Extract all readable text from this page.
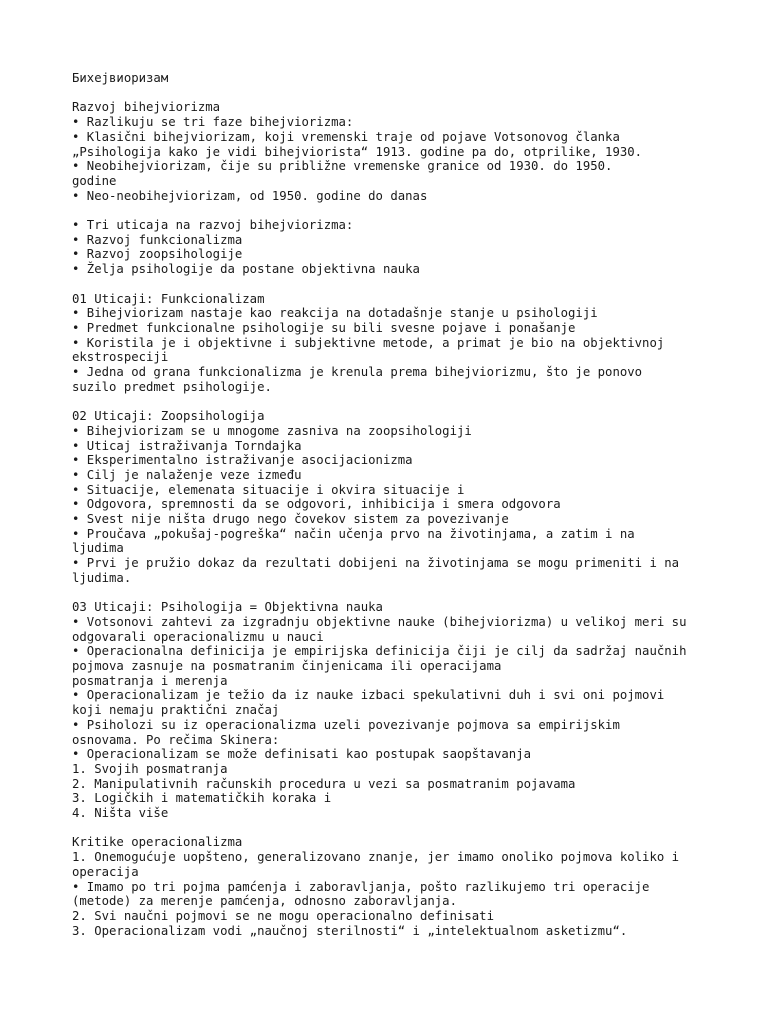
Бихејвиоризам
Razvoj bihejviorizma
• Razlikuju se tri faze bihejviorizma:
• Klasični bihejviorizam, koji vremenski traje od pojave Votsonovog članka
„Psihologija kako je vidi bihejviorista“ 1913. godine pa do, otprilike, 1930.
• Neobihejviorizam, čije su približne vremenske granice od 1930. do 1950.
godine
• Neo-neobihejviorizam, od 1950. godine do danas
• Tri uticaja na razvoj bihejviorizma:
• Razvoj funkcionalizma
• Razvoj zoopsihologije
• Želja psihologije da postane objektivna nauka
01 Uticaji: Funkcionalizam
• Bihejviorizam nastaje kao reakcija na dotadašnje stanje u psihologiji
• Predmet funkcionalne psihologije su bili svesne pojave i ponašanje
• Koristila je i objektivne i subjektivne metode, a primat je bio na objektivnoj
ekstrospeciji
• Jedna od grana funkcionalizma je krenula prema bihejviorizmu, što je ponovo
suzilo predmet psihologije.
02 Uticaji: Zoopsihologija
• Bihejviorizam se u mnogome zasniva na zoopsihologiji
• Uticaj istraživanja Torndajka
• Eksperimentalno istraživanje asocijacionizma
• Cilj je nalaženje veze između
• Situacije, elemenata situacije i okvira situacije i
• Odgovora, spremnosti da se odgovori, inhibicija i smera odgovora
• Svest nije ništa drugo nego čovekov sistem za povezivanje
• Proučava „pokušaj-pogreška“ način učenja prvo na životinjama, a zatim i na
ljudima
• Prvi je pružio dokaz da rezultati dobijeni na životinjama se mogu primeniti i na
ljudima.
03 Uticaji: Psihologija = Objektivna nauka
• Votsonovi zahtevi za izgradnju objektivne nauke (bihejviorizma) u velikoj meri su
odgovarali operacionalizmu u nauci
• Operacionalna definicija je empirijska definicija čiji je cilj da sadržaj naučnih
pojmova zasnuje na posmatranim činjenicama ili operacijama
posmatranja i merenja
• Operacionalizam je težio da iz nauke izbaci spekulativni duh i svi oni pojmovi
koji nemaju praktični značaj
• Psiholozi su iz operacionalizma uzeli povezivanje pojmova sa empirijskim
osnovama. Po rečima Skinera:
• Operacionalizam se može definisati kao postupak saopštavanja
1. Svojih posmatranja
2. Manipulativnih računskih procedura u vezi sa posmatranim pojavama
3. Logičkih i matematičkih koraka i
4. Ništa više
Kritike operacionalizma
1. Onemogućuje uopšteno, generalizovano znanje, jer imamo onoliko pojmova koliko i
operacija
• Imamo po tri pojma pamćenja i zaboravljanja, pošto razlikujemo tri operacije
(metode) za merenje pamćenja, odnosno zaboravljanja.
2. Svi naučni pojmovi se ne mogu operacionalno definisati
3. Operacionalizam vodi „naučnoj sterilnosti“ i „intelektualnom asketizmu“.
